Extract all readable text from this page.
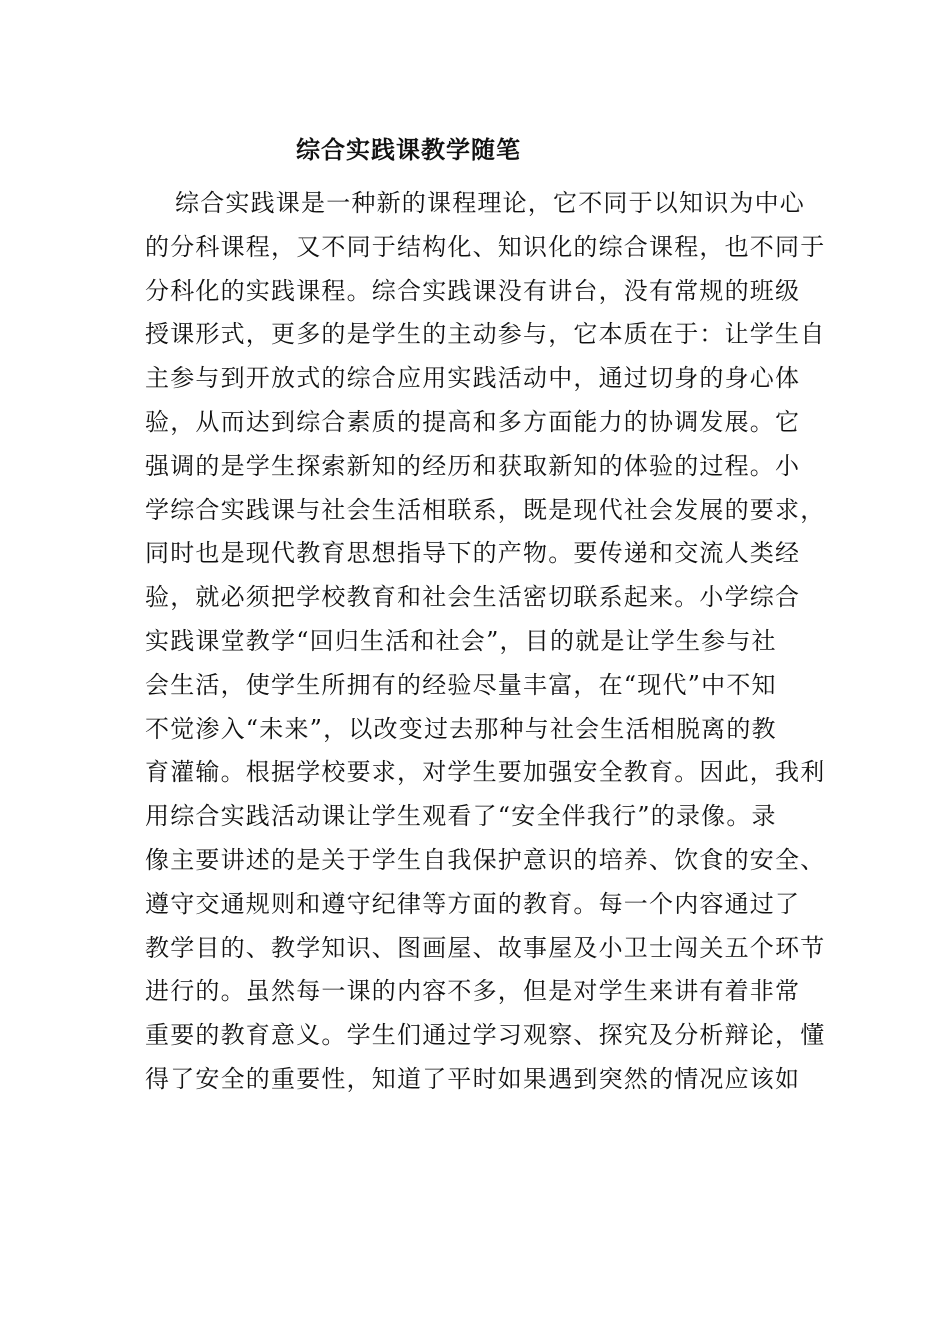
综合实践课教学随笔
综合实践课是一种新的课程理论，它不同于以知识为中心
的分科课程，又不同于结构化、知识化的综合课程，也不同于
分科化的实践课程。综合实践课没有讲台，没有常规的班级
授课形式，更多的是学生的主动参与，它本质在于：让学生自
主参与到开放式的综合应用实践活动中，通过切身的身心体
验，从而达到综合素质的提高和多方面能力的协调发展。它
强调的是学生探索新知的经历和获取新知的体验的过程。小
学综合实践课与社会生活相联系，既是现代社会发展的要求，
同时也是现代教育思想指导下的产物。要传递和交流人类经
验，就必须把学校教育和社会生活密切联系起来。小学综合
实践课堂教学“回归生活和社会”，目的就是让学生参与社
会生活，使学生所拥有的经验尽量丰富，在“现代”中不知
不觉渗入“未来”，以改变过去那种与社会生活相脱离的教
育灌输。根据学校要求，对学生要加强安全教育。因此，我利
用综合实践活动课让学生观看了“安全伴我行”的录像。录
像主要讲述的是关于学生自我保护意识的培养、饮食的安全、
遵守交通规则和遵守纪律等方面的教育。每一个内容通过了
教学目的、教学知识、图画屋、故事屋及小卫士闯关五个环节
进行的。虽然每一课的内容不多，但是对学生来讲有着非常
重要的教育意义。学生们通过学习观察、探究及分析辩论，懂
得了安全的重要性，知道了平时如果遇到突然的情况应该如
